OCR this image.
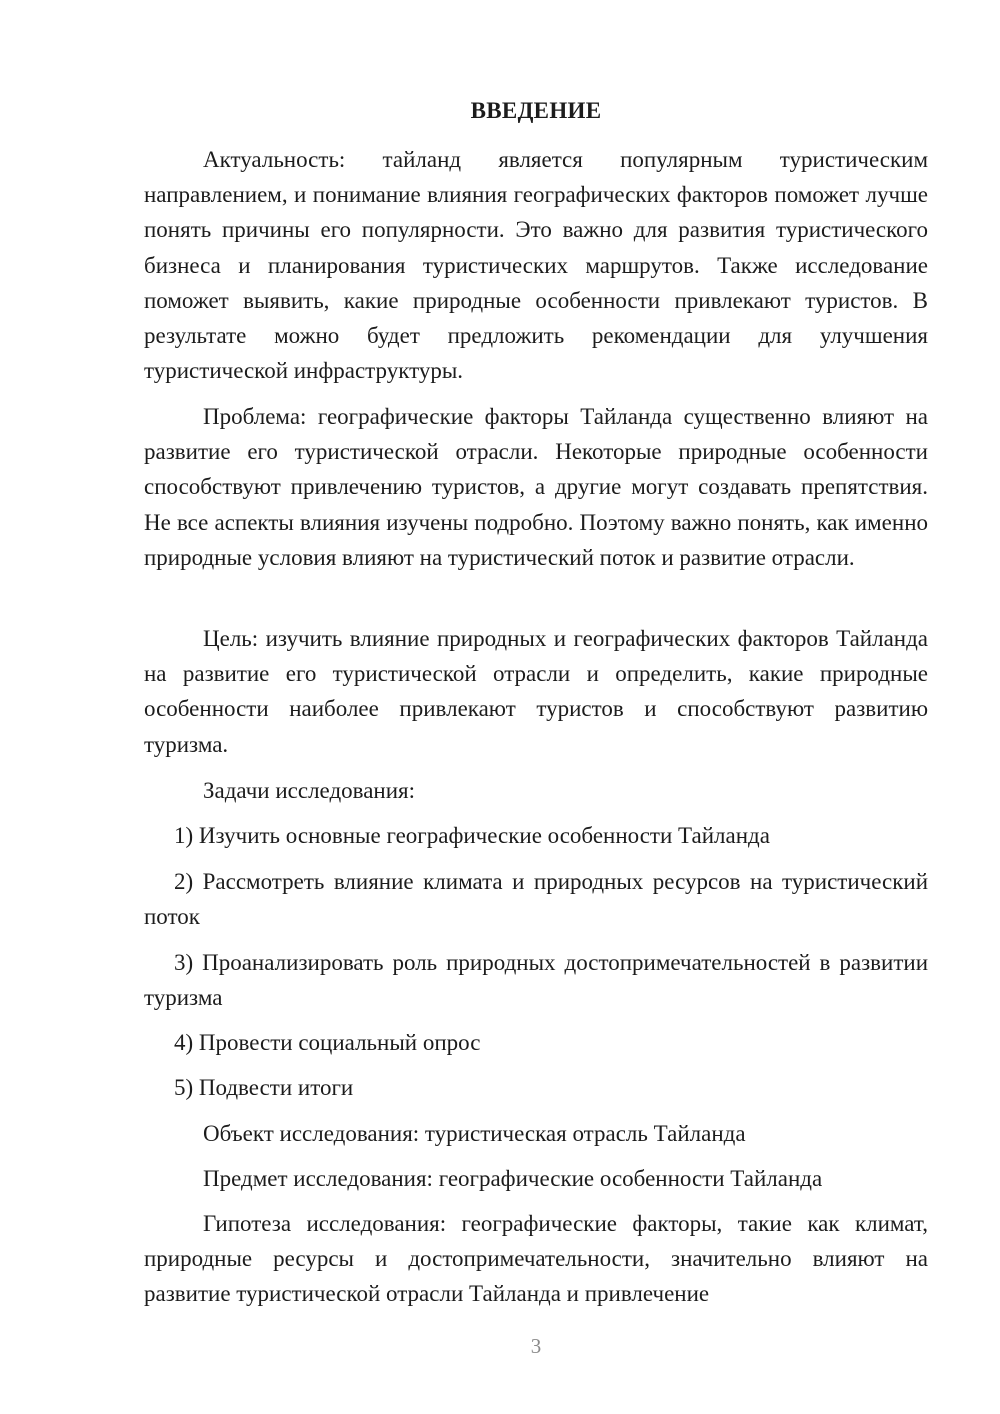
ВВЕДЕНИЕ

Актуальность: тайланд является популярным туристическим направлением, и понимание влияния географических факторов поможет лучше понять причины его популярности. Это важно для развития туристического бизнеса и планирования туристических маршрутов. Также исследование поможет выявить, какие природные особенности привлекают туристов. В результате можно будет предложить рекомендации для улучшения туристической инфраструктуры.

Проблема: географические факторы Тайланда существенно влияют на развитие его туристической отрасли. Некоторые природные особенности способствуют привлечению туристов, а другие могут создавать препятствия. Не все аспекты влияния изучены подробно. Поэтому важно понять, как именно природные условия влияют на туристический поток и развитие отрасли.

Цель: изучить влияние природных и географических факторов Тайланда на развитие его туристической отрасли и определить, какие природные особенности наиболее привлекают туристов и способствуют развитию туризма.

Задачи исследования:

1) Изучить основные географические особенности Тайланда

2) Рассмотреть влияние климата и природных ресурсов на туристический поток

3) Проанализировать роль природных достопримечательностей в развитии туризма

4) Провести социальный опрос

5) Подвести итоги

Объект исследования: туристическая отрасль Тайланда

Предмет исследования: географические особенности Тайланда

Гипотеза исследования: географические факторы, такие как климат, природные ресурсы и достопримечательности, значительно влияют на развитие туристической отрасли Тайланда и привлечение

3
